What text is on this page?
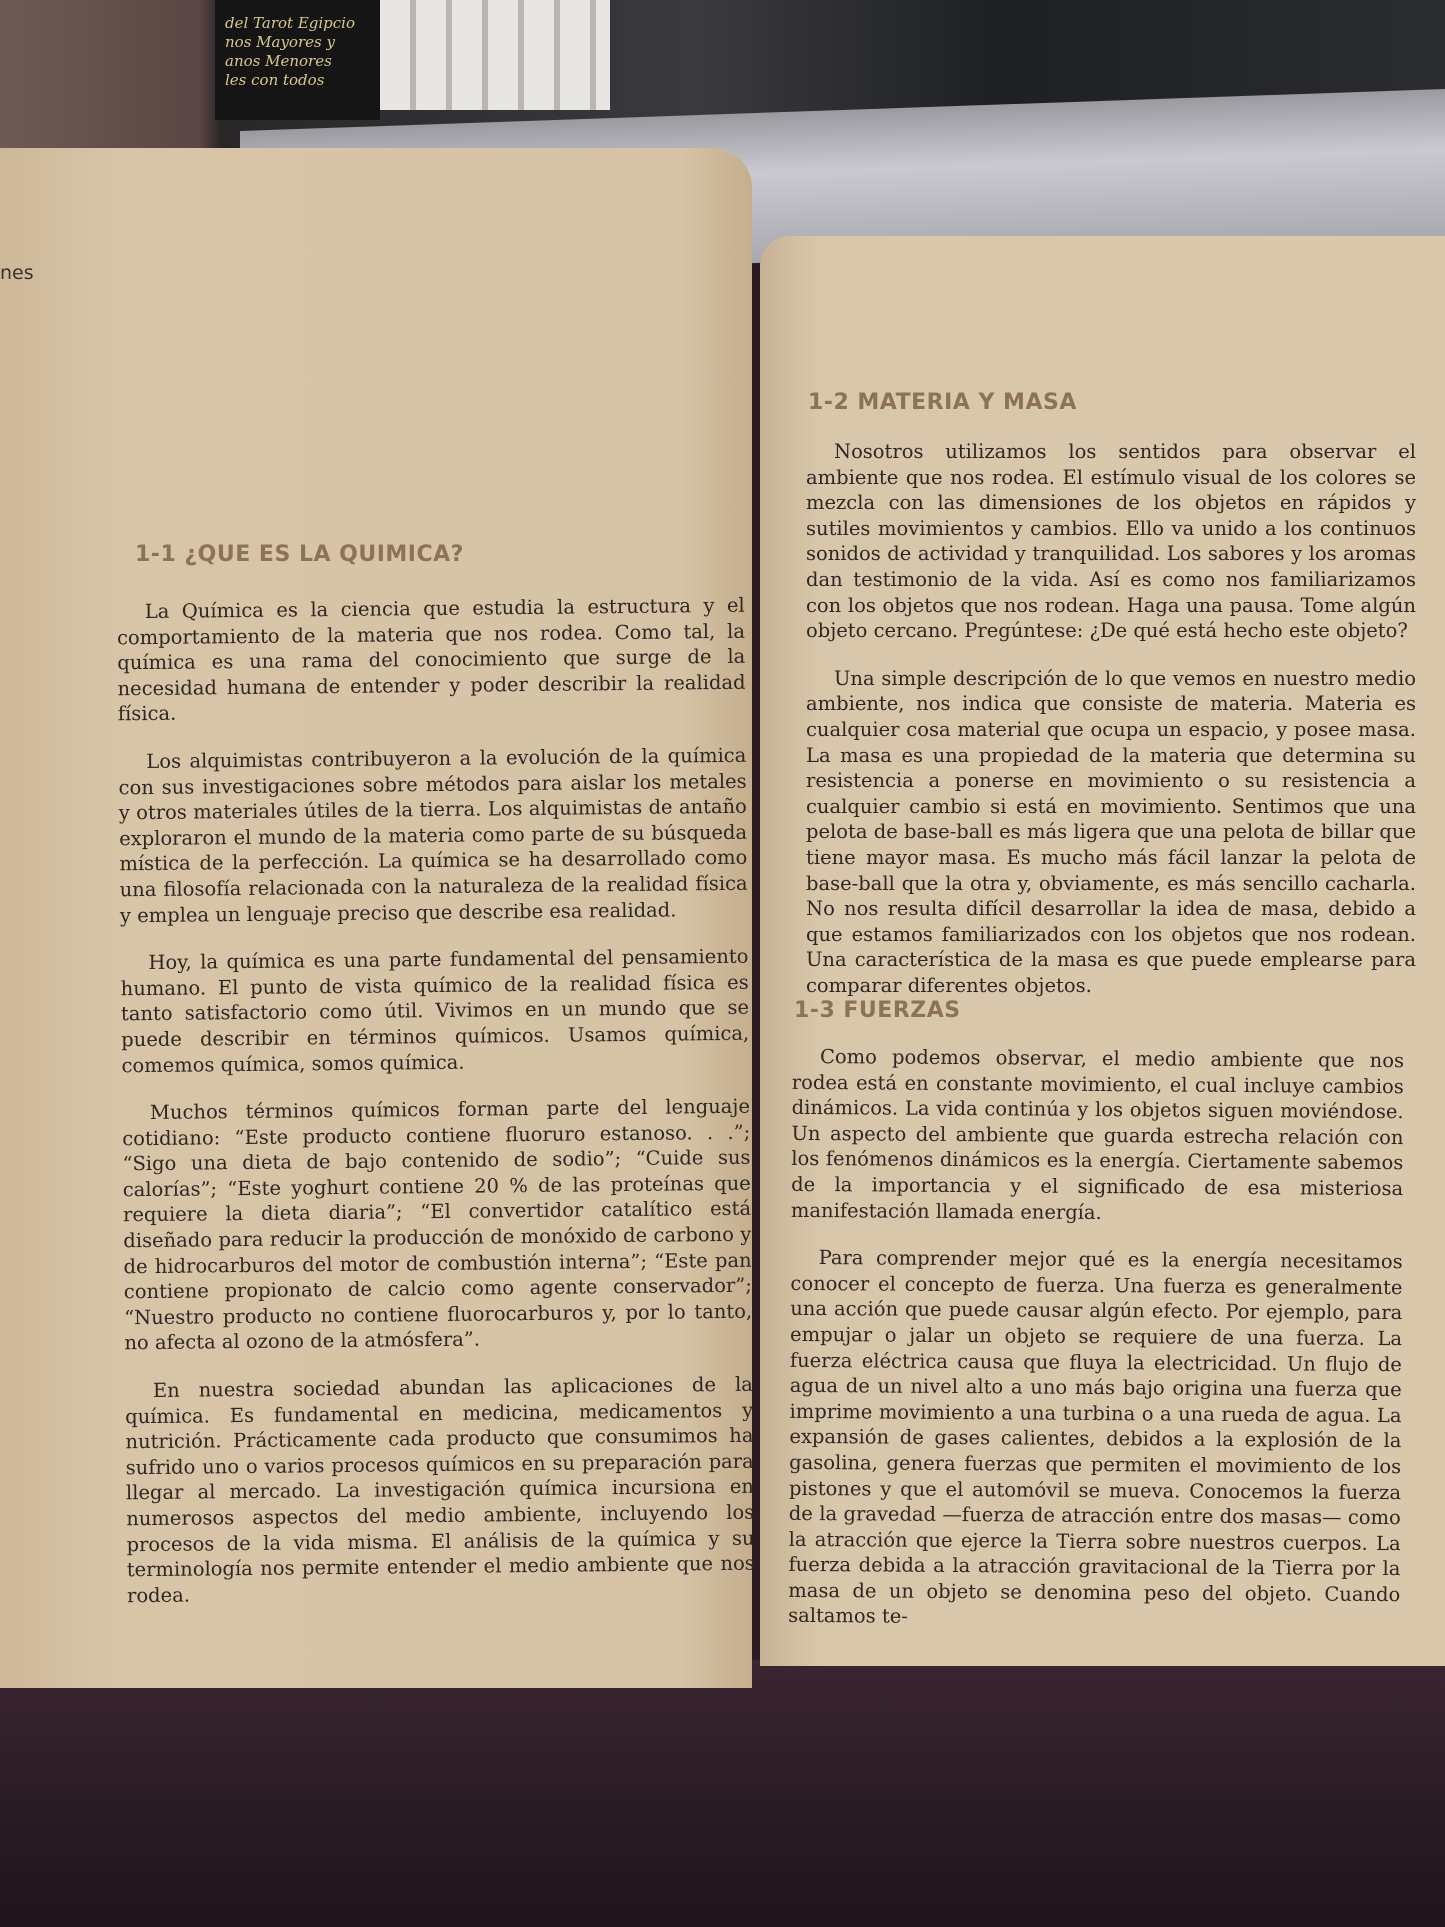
del Tarot Egipcio
nos Mayores y
anos Menores
les con todos
nes
1-1 ¿QUE ES LA QUIMICA?

La Química es la ciencia que estudia la estructura y el comportamiento de la materia que nos rodea. Como tal, la química es una rama del conocimiento que surge de la necesidad humana de entender y poder describir la realidad física.

Los alquimistas contribuyeron a la evolución de la química con sus investigaciones sobre métodos para aislar los metales y otros materiales útiles de la tierra. Los alquimistas de antaño exploraron el mundo de la materia como parte de su búsqueda mística de la perfección. La química se ha desarrollado como una filosofía relacionada con la naturaleza de la realidad física y emplea un lenguaje preciso que describe esa realidad.

Hoy, la química es una parte fundamental del pensamiento humano. El punto de vista químico de la realidad física es tanto satisfactorio como útil. Vivimos en un mundo que se puede describir en términos químicos. Usamos química, comemos química, somos química.

Muchos términos químicos forman parte del lenguaje cotidiano: “Este producto contiene fluoruro estanoso. . .”; “Sigo una dieta de bajo contenido de sodio”; “Cuide sus calorías”; “Este yoghurt contiene 20 % de las proteínas que requiere la dieta diaria”; “El convertidor catalítico está diseñado para reducir la producción de monóxido de carbono y de hidrocarburos del motor de combustión interna”; “Este pan contiene propionato de calcio como agente conservador”; “Nuestro producto no contiene fluorocarburos y, por lo tanto, no afecta al ozono de la atmósfera”.

En nuestra sociedad abundan las aplicaciones de la química. Es fundamental en medicina, medicamentos y nutrición. Prácticamente cada producto que consumimos ha sufrido uno o varios procesos químicos en su preparación para llegar al mercado. La investigación química incursiona en numerosos aspectos del medio ambiente, incluyendo los procesos de la vida misma. El análisis de la química y su terminología nos permite entender el medio ambiente que nos rodea.

1-2 MATERIA Y MASA

Nosotros utilizamos los sentidos para observar el ambiente que nos rodea. El estímulo visual de los colores se mezcla con las dimensiones de los objetos en rápidos y sutiles movimientos y cambios. Ello va unido a los continuos sonidos de actividad y tranquilidad. Los sabores y los aromas dan testimonio de la vida. Así es como nos familiarizamos con los objetos que nos rodean. Haga una pausa. Tome algún objeto cercano. Pregúntese: ¿De qué está hecho este objeto?

Una simple descripción de lo que vemos en nuestro medio ambiente, nos indica que consiste de materia. Materia es cualquier cosa material que ocupa un espacio, y posee masa. La masa es una propiedad de la materia que determina su resistencia a ponerse en movimiento o su resistencia a cualquier cambio si está en movimiento. Sentimos que una pelota de base-ball es más ligera que una pelota de billar que tiene mayor masa. Es mucho más fácil lanzar la pelota de base-ball que la otra y, obviamente, es más sencillo cacharla. No nos resulta difícil desarrollar la idea de masa, debido a que estamos familiarizados con los objetos que nos rodean. Una característica de la masa es que puede emplearse para comparar diferentes objetos.

1-3 FUERZAS

Como podemos observar, el medio ambiente que nos rodea está en constante movimiento, el cual incluye cambios dinámicos. La vida continúa y los objetos siguen moviéndose. Un aspecto del ambiente que guarda estrecha relación con los fenómenos dinámicos es la energía. Ciertamente sabemos de la importancia y el significado de esa misteriosa manifestación llamada energía.

Para comprender mejor qué es la energía necesitamos conocer el concepto de fuerza. Una fuerza es generalmente una acción que puede causar algún efecto. Por ejemplo, para empujar o jalar un objeto se requiere de una fuerza. La fuerza eléctrica causa que fluya la electricidad. Un flujo de agua de un nivel alto a uno más bajo origina una fuerza que imprime movimiento a una turbina o a una rueda de agua. La expansión de gases calientes, debidos a la explosión de la gasolina, genera fuerzas que permiten el movimiento de los pistones y que el automóvil se mueva. Conocemos la fuerza de la gravedad —fuerza de atracción entre dos masas— como la atracción que ejerce la Tierra sobre nuestros cuerpos. La fuerza debida a la atracción gravitacional de la Tierra por la masa de un objeto se denomina peso del objeto. Cuando saltamos te-
